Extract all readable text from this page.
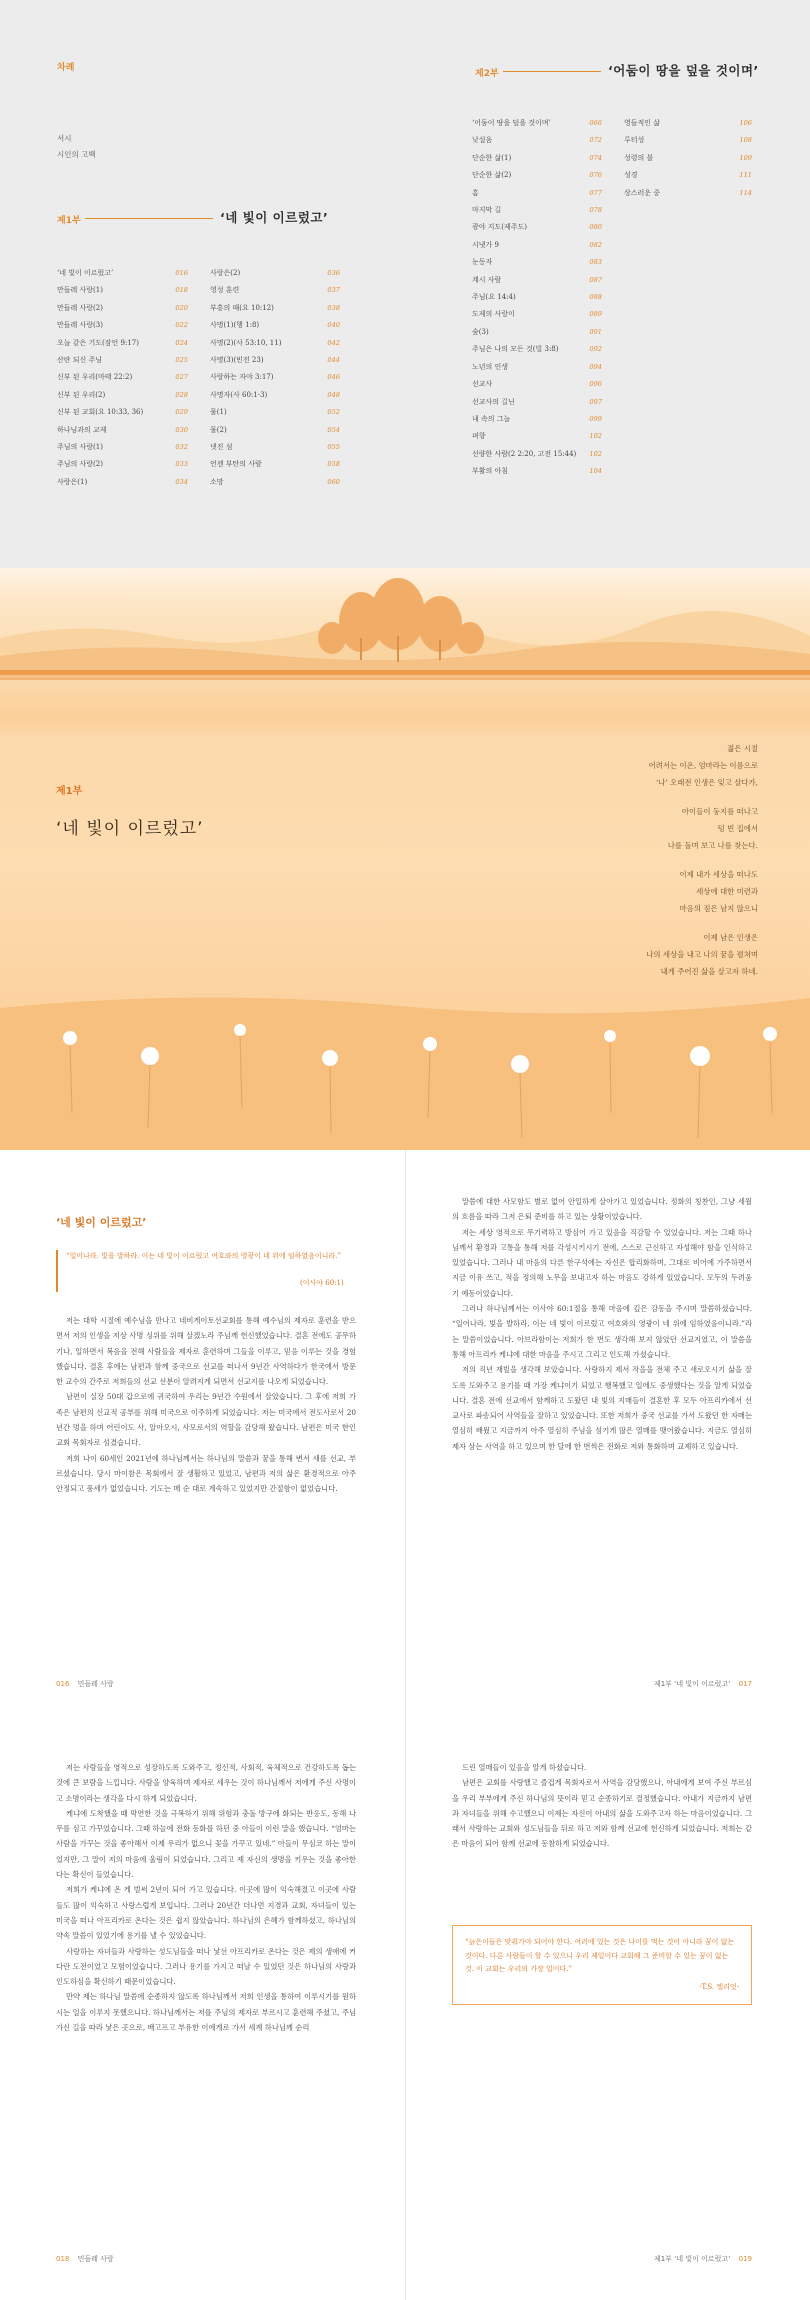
차례
서시
시인의 고백
제1부	‘네 빛이 이르렀고’
‘네 빛이 이르렀고’	016
만들레 사랑(1)	018
만들레 사랑(2)	020
만들레 사랑(3)	022
오늘 같은 기도(잠언 9:17)	024
산란 되신 주님	025
신부 된 우리(마태 22:2)	027
신부 된 우리(2)	028
신부 된 교회(요 10:33, 36)	029
하나님과의 교제	030
주님의 사랑(1)	032
주님의 사랑(2)	033
사랑은(1)	034
사랑은(2)	036
영성 훈련	037
부흥의 때(요 10:12)	038
사명(1)(행 1:8)	040
사명(2)(사 53:10, 11)	042
사명(3)(빈전 23)	044
사랑하는 자야 3:17)	046
사명자(사 60:1-3)	048
물(1)	052
물(2)	054
넷진 섬	055
언젠 부탄의 사람	058
소망	060
제2부	‘어둠이 땅을 덮을 것이며’
‘어둠이 땅을 덮을 것이며’	066
낮설음	072
단순한 삶(1)	074
단순한 삶(2)	076
흠	077
마지막 길	078
광야 지도(제주도)	080
시냇가 9	082
눈동자	083
계시 사람	087
주님(요 14:4)	088
도제의 사랑이	089
숲(3)	091
주님은 나의 모든 것(빌 3:8)	092
노년의 인생	094
선교사	096
선교사의 길닌	097
내 속의 그늘	099
펴향	102
선량한 사람(2 2:20, 고전 15:44) 102
부활의 아침	104
영들적인 삶	106
루터성	108
성령의 불	109
성경	111
상스러운 중	114
제1부
‘네 빛이 이르렀고’
젊은 시절
어려서는 이온, 엄마라는 이름으로
‘나’ 오래전 인생은 잊고 살다가,
아이들이 둥지를 떠나고
텅 빈 집에서
나를 돌며 보고 나를 찾는다.
이제 내가 세상을 떠나도
세상에 대한 미련과
마음의 짐은 남지 않으니
이제 남은 인생은
나의 세상을 내고 나의 꿈을 펼쳐며
내게 주어진 삶을 살고자 하네.
‘네 빛이 이르렀고’
“일어나라. 빛을 발하라. 이는 네 빛이 이르렀고 여호와의 영광이 네 위에 임하였음이니라.”
(이사야 60:1)

저는 대학 시절에 예수님을 만나고 네비게이토선교회를 통해 예수님의 제자로 훈련을 받으면서 저의 인생을 저상 사명 싱위를 위해 살겠노라 주님께 헌신했었습니다. 결혼 전에도 공무하기나, 일하면서 복음을 전해 사람들을 제자로 훈련하며 그들을 이루고, 믿음 이루는 것을 경험했습니다. 결혼 후에는 남편과 함께 중국으로 선교를 떠나서 9년간 사역하다가 한국에서 방문한 교수의 간주로 저희들의 선교 선분이 알려지게 되면서 선교지를 나오게 되었습니다.

남편이 실장 50대 갑으로에 귀국하여 우리는 9년간 수원에서 살았습니다. 그 후에 저희 가족은 남편의 신교적 공부를 위해 미국으로 이주하게 되었습니다. 저는 미국에서 전도사로서 20년간 멍을 하며 어린이도 사, 알아오시, 사모로서의 역할을 감당해 왔습니다. 남편은 미국 한인교회 목회자로 섬겼습니다.

저희 나이 60세인 2021년에 하나님께서는 하나님의 말씀과 꿈을 통해 변서 새를 선교, 부르셨습니다. 당시 마이참은 목회에서 잘 생활하고 있었고, 남편과 저의 삶은 환경적으로 아주 안정되고 풍세가 없었습니다. 기도는 매 순 대로 계속하고 있었지만 간절함이 없었습니다.

말씀에 대한 사모함도 별로 없어 안일하게 살아가고 있었습니다. 정화의 칭찬인, 그냥 세월의 흐름을 따라 그저 은퇴 준비를 하고 있는 상황이었습니다.

저는 세상 영적으로 무기력하고 방심어 가고 있음을 직감할 수 있었습니다. 저는 그때 하나님께서 환경과 고통을 통해 저를 각성시키시기 전에, 스스로 근신하고 자성해야 함을 인식하고 있었습니다. 그러나 내 마음의 다른 한구석에는 자신은 합리화하며, 그대로 비어에 가주하면서 지금 이유 쓰고, 적을 정의해 노무을 보내고자 하는 마음도 강하게 있었습니다. 모두의 두려움기 예동이었습니다.

그러나 하나님께서는 이사야 60:1절을 통해 마음에 깊은 감동을 주시며 말씀하셨습니다. “일어나라, 빛을 발하라, 이는 네 빛이 이르렀고 여호와의 영광이 네 위에 임하였음이니라.”라는 말씀이었습니다. 아브라함이는 저희가 한 번도 생각해 보지 않았던 선교지였고, 이 말씀을 통해 아프리카 케냐에 대한 마음을 주시고 그리고 인도해 가셨습니다.

저의 직년 재빌을 생각해 보았습니다. 사랑하지 제서 작을을 전체 주고 새로오시기 삶을 잘도록 도와주고 용기를 때 가장 케냐이기 되었고 행복했고 일에도 중생했다는 것을 알게 되었습니다. 결혼 전에 선교에서 함께하고 도왔던 내 빛의 지매들이 결혼한 후 모두 아프리카에서 선교사로 파송되어 사역들을 잘하고 있었습니다. 또한 저희가 중국 선교를 가서 도왔던 한 자매는 열심히 배웠고 지금까지 아주 열심히 주님을 섬기게 많은 열매를 맺어왔습니다. 지금도 열심히 제자 삼는 사역을 하고 있으며 한 달에 한 번씩은 전화로 저와 통화하며 교제하고 있습니다.

016 민들레 사랑	제1부 ‘네 빛이 이르렀고’ 017

저는 사람들을 영적으로 성장하도록 도와주고, 정신적, 사회적, 육체적으로 건강하도록 돕는 것에 큰 보람을 느낍니다. 사람을 양육하며 제자로 세우는 것이 하나님께서 저에게 주신 사명이고 소명이라는 생각을 다시 하게 되었습니다.

케냐에 도착했을 때 막연한 것을 극복하기 위해 위험과 충돌 방구에 화되는 반응도, 동해 나무를 심고 가꾸었습니다. 그때 하늘에 전화 동화를 하던 중 아들이 이런 말을 했습니다. “엄마는 사람을 가꾸는 것을 좋아해서 이제 우리가 없으니 꽃을 가꾸고 있네.” 아들이 무심코 하는 말이었지만, 그 말이 저의 마음에 울림이 되었습니다. 그리고 제 자신의 생명을 키우는 것을 좋아한다는 확신이 들었습니다.

저희가 케냐에 온 게 벌써 2년이 되어 가고 있습니다. 이곳에 많이 익숙해졌고 이곳에 사람들도 많이 익숙하고 사랑스럽게 보입니다. 그러나 20년간 더나먼 지경과 교회, 자녀들이 있는 미국을 떠나 아프리카로 온다는 것은 쉽지 않았습니다. 하나님의 은혜가 함께하셨고, 하나님의 약속 말씀이 있었기에 용기를 낼 수 있었습니다.

사랑하는 자녀들과 사랑하는 성도님들을 떠나 낯선 아프리카로 온다는 것은 제의 생애에 커다란 도전이었고 모험이었습니다. 그러나 용기를 가지고 떠날 수 있었던 것은 하나님의 사랑과 인도하심을 확신하기 때문이었습니다.

만약 제는 하나님 말씀에 순종하지 않도록 하나님께서 저희 인생을 통하여 이루시기를 원하시는 일을 이루지 못했으니다. 하나님께서는 저를 주님의 제자로 부르시고 훈련해 주셨고, 주님 가신 길을 따라 낯은 곳으로, 배고프고 부유한 이에게로 가서 세계 하나님께 순리

드린 열매들이 있음을 알게 하셨습니다.

남편은 교회를 사랑했고 즐겁게 목회자로서 사역을 감당했으나, 아내에게 보여 주신 부르심을 우리 부부에게 주신 하나님의 뜻이라 믿고 순종하기로 결정했습니다. 아내가 지금까지 남편과 자녀들을 위해 수고했으니 이제는 자신이 아내의 삶을 도와주고자 하는 마음이었습니다. 그래서 사랑하는 교회와 성도님들을 뒤로 하고 저와 함께 선교에 헌신하게 되었습니다. 저희는 같은 마음이 되어 함께 선교에 동참하게 되었습니다.

“늙은이들은 맞춰가야 되어야 한다. 여러에 있는 것은 나이를 먹는 것이 아니라 꿈이 없는 것이다. 다른 사람들이 할 수 있으니 우리 제일이다 교회해 그 준비할 수 있는 꿈이 없는 것. 이 교회는 우리의 가장 일이다.”
-T.S. 엘리엇-
018 민들레 사랑	제1부 ‘네 빛이 이르렀고’ 019
